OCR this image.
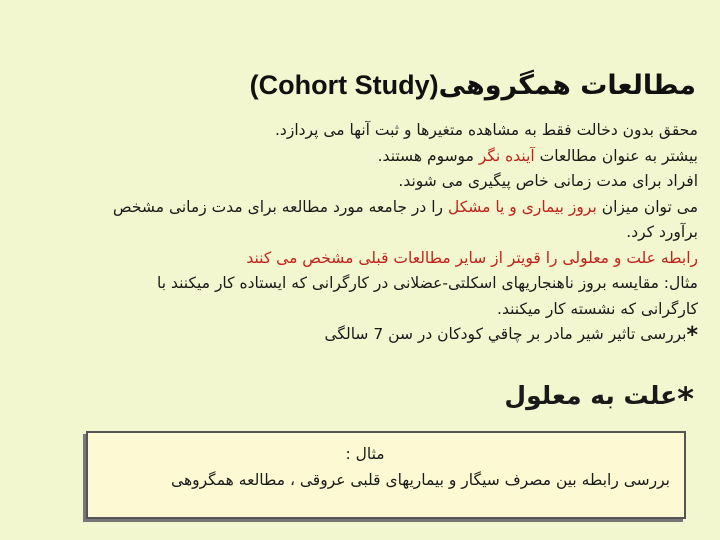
مطالعات همگروهی(Cohort Study)
محقق بدون دخالت فقط به مشاهده متغیرها و ثبت آنها می پردازد.
بیشتر به عنوان مطالعات آینده نگر موسوم هستند.
افراد برای مدت زمانی خاص پیگیری می شوند.
می توان میزان بروز بیماری و یا مشکل را در جامعه مورد مطالعه برای مدت زمانی مشخص
برآورد کرد.
رابطه علت و معلولی را قویتر از سایر مطالعات قبلی مشخص می کنند
مثال: مقایسه بروز ناهنجاریهای اسکلتی-عضلانی در کارگرانی که ایستاده کار میکنند با
کارگرانی که نشسته کار میکنند.
*بررسی تاثیر شیر مادر بر چاقي كودكان در سن 7 سالگی
*علت به معلول
مثال :
بررسی رابطه بین مصرف سیگار و بیماریهای قلبی عروقی ، مطالعه همگروهی
